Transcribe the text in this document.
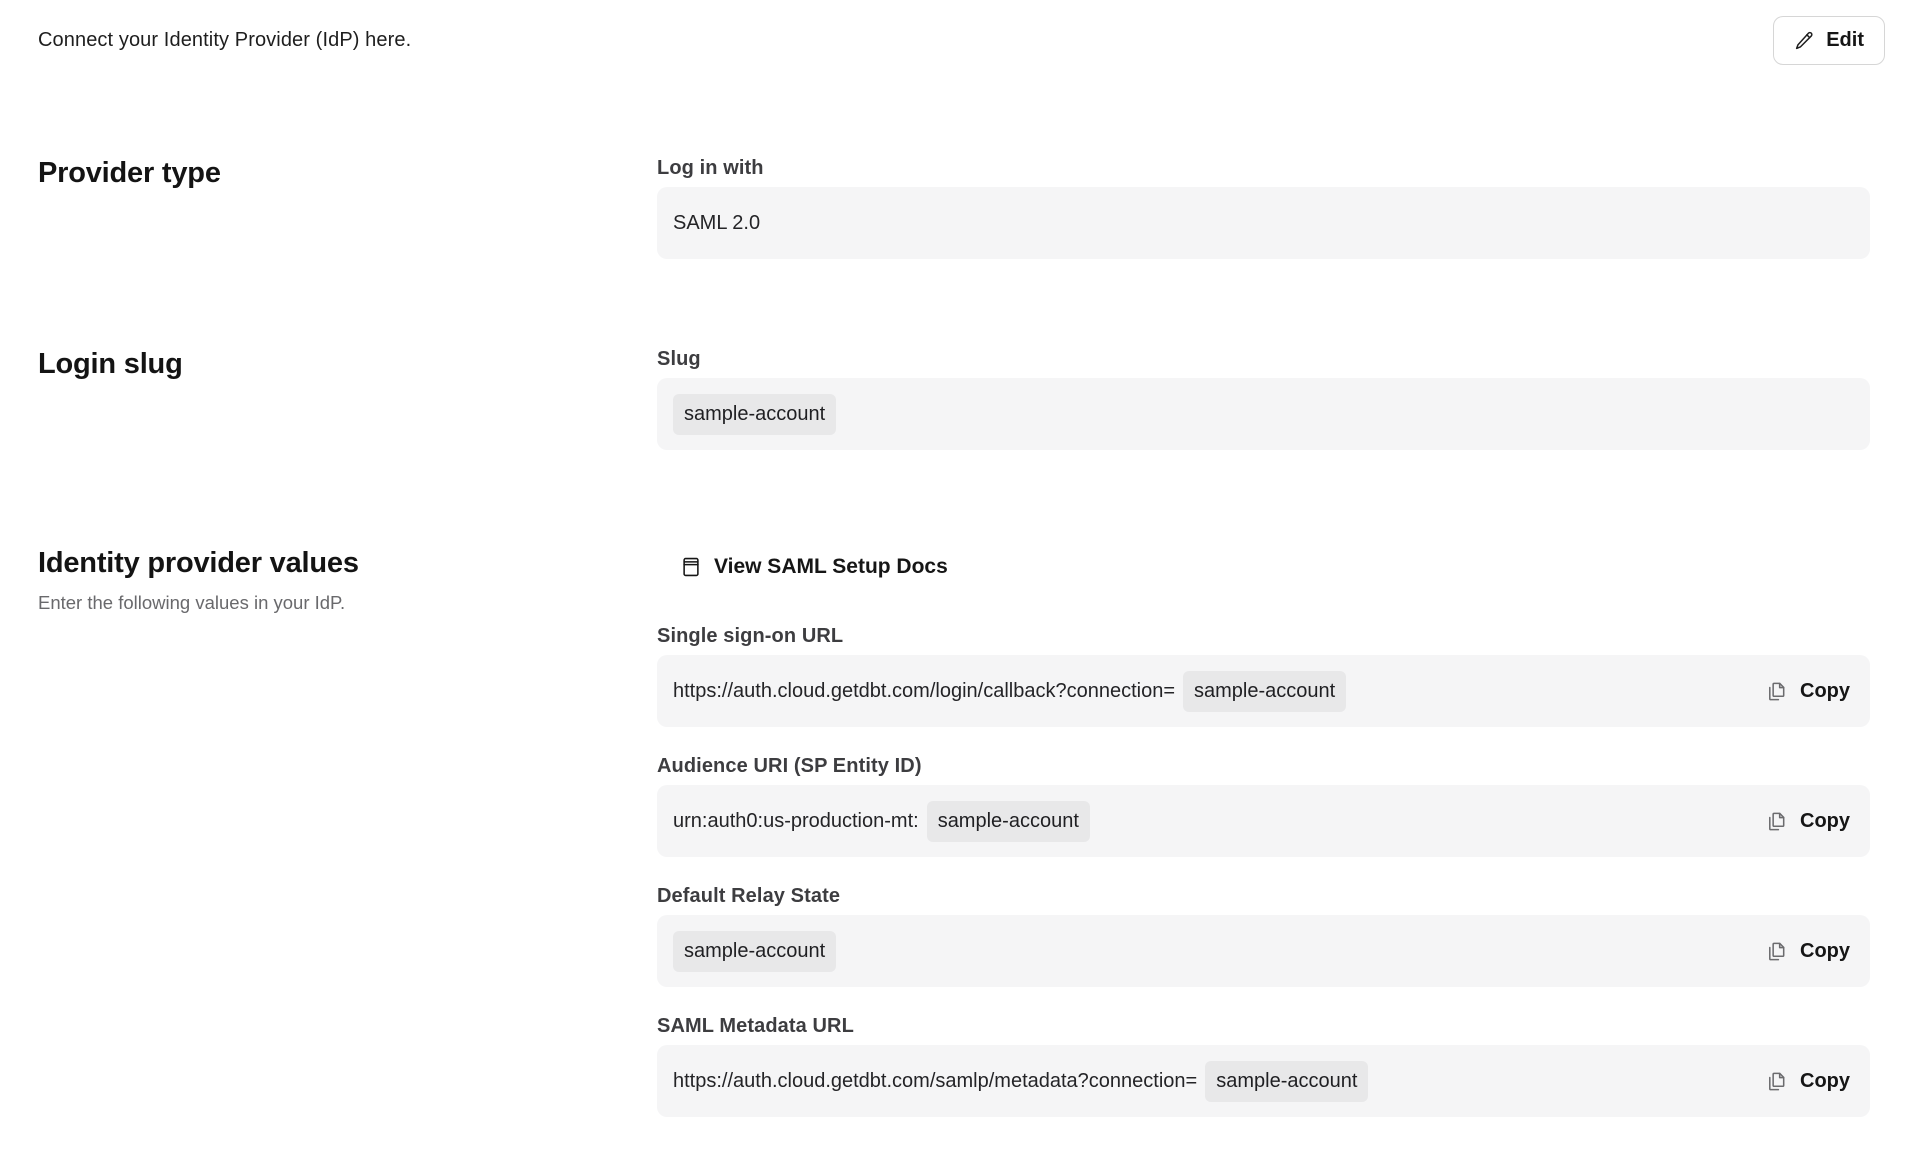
Connect your Identity Provider (IdP) here.	Edit
Provider type	Log in with
SAML 2.0
Login slug	Slug
sample-account
Identity provider values
Enter the following values in your IdP.
View SAML Setup Docs
Single sign-on URL
https://auth.cloud.getdbt.com/login/callback?connection= sample-account	Copy
Audience URI (SP Entity ID)
urn:auth0:us-production-mt: sample-account	Copy
Default Relay State
sample-account	Copy
SAML Metadata URL
https://auth.cloud.getdbt.com/samlp/metadata?connection= sample-account	Copy
